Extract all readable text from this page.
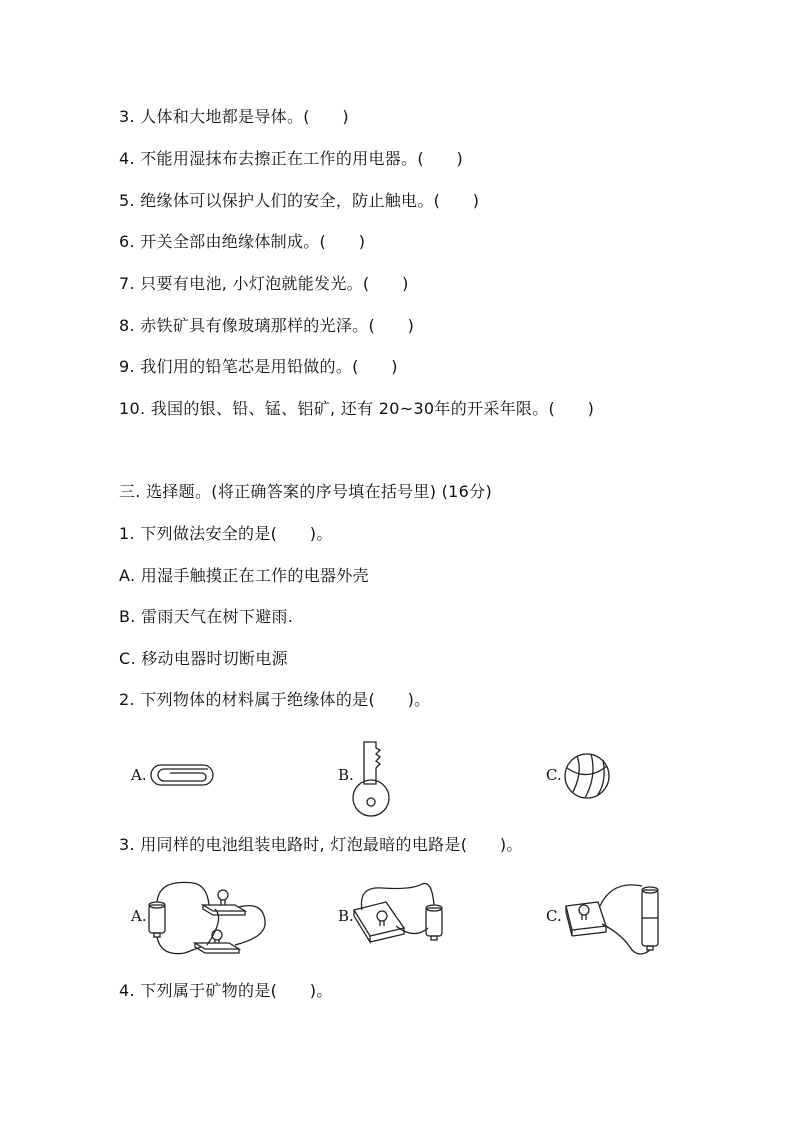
3. 人体和大地都是导体。(　　)
4. 不能用湿抹布去擦正在工作的用电器。(　　)
5. 绝缘体可以保护人们的安全，防止触电。(　　)
6. 开关全部由绝缘体制成。(　　)
7. 只要有电池, 小灯泡就能发光。(　　)
8. 赤铁矿具有像玻璃那样的光泽。(　　)
9. 我们用的铅笔芯是用铅做的。(　　)
10. 我国的银、铅、锰、铝矿, 还有 20~30年的开采年限。(　　)
三. 选择题。(将正确答案的序号填在括号里) (16分)
1. 下列做法安全的是(　　)。
A. 用湿手触摸正在工作的电器外壳
B. 雷雨天气在树下避雨.
C. 移动电器时切断电源
2. 下列物体的材料属于绝缘体的是(　　)。
A.	B.	C.
3. 用同样的电池组装电路时, 灯泡最暗的电路是(　　)。
A.	B.	C.
4. 下列属于矿物的是(　　)。
